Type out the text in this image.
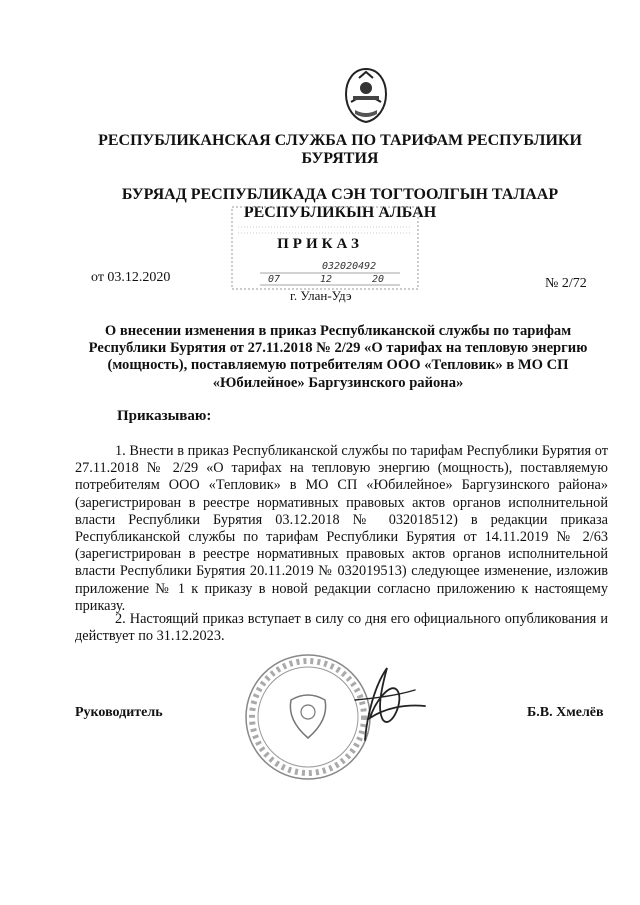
РЕСПУБЛИКАНСКАЯ СЛУЖБА ПО ТАРИФАМ РЕСПУБЛИКИ БУРЯТИЯ
БУРЯАД РЕСПУБЛИКАДА СЭН ТОГТООЛГЫН ТАЛААР РЕСПУБЛИКЫН АЛБАН
032020492
07	12	20
ПРИКАЗ
от 03.12.2020	№ 2/72
г. Улан-Удэ
О внесении изменения в приказ Республиканской службы по тарифам Республики Бурятия от 27.11.2018 № 2/29 «О тарифах на тепловую энергию (мощность), поставляемую потребителям ООО «Тепловик» в МО СП «Юбилейное» Баргузинского района»
Приказываю:
1. Внести в приказ Республиканской службы по тарифам Республики Бурятия от 27.11.2018 № 2/29 «О тарифах на тепловую энергию (мощность), поставляемую потребителям ООО «Тепловик» в МО СП «Юбилейное» Баргузинского района» (зарегистрирован в реестре нормативных правовых актов органов исполнительной власти Республики Бурятия 03.12.2018 № 032018512) в редакции приказа Республиканской службы по тарифам Республики Бурятия от 14.11.2019 № 2/63 (зарегистрирован в реестре нормативных правовых актов органов исполнительной власти Республики Бурятия 20.11.2019 № 032019513) следующее изменение, изложив приложение № 1 к приказу в новой редакции согласно приложению к настоящему приказу.
2. Настоящий приказ вступает в силу со дня его официального опубликования и действует по 31.12.2023.
Руководитель	Б.В. Хмелёв
